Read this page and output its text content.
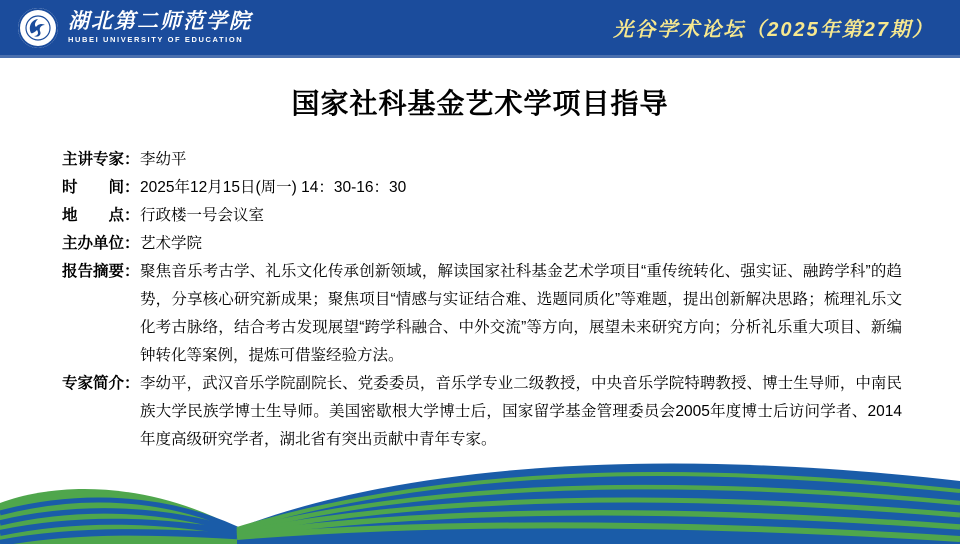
湖北第二师范学院
HUBEI UNIVERSITY OF EDUCATION	光谷学术论坛（2025年第27期）
国家社科基金艺术学项目指导
主讲专家： 李幼平
时　　间： 2025年12月15日(周一) 14：30-16：30
地　　点： 行政楼一号会议室
主办单位： 艺术学院
报告摘要： 聚焦音乐考古学、礼乐文化传承创新领域，解读国家社科基金艺术学项目“重传统转化、强实证、融跨学科”的趋势，分享核心研究新成果；聚焦项目“情感与实证结合难、选题同质化”等难题，提出创新解决思路；梳理礼乐文化考古脉络，结合考古发现展望“跨学科融合、中外交流”等方向，展望未来研究方向；分析礼乐重大项目、新编钟转化等案例，提炼可借鉴经验方法。
专家简介： 李幼平，武汉音乐学院副院长、党委委员，音乐学专业二级教授，中央音乐学院特聘教授、博士生导师，中南民族大学民族学博士生导师。美国密歇根大学博士后，国家留学基金管理委员会2005年度博士后访问学者、2014年度高级研究学者，湖北省有突出贡献中青年专家。
